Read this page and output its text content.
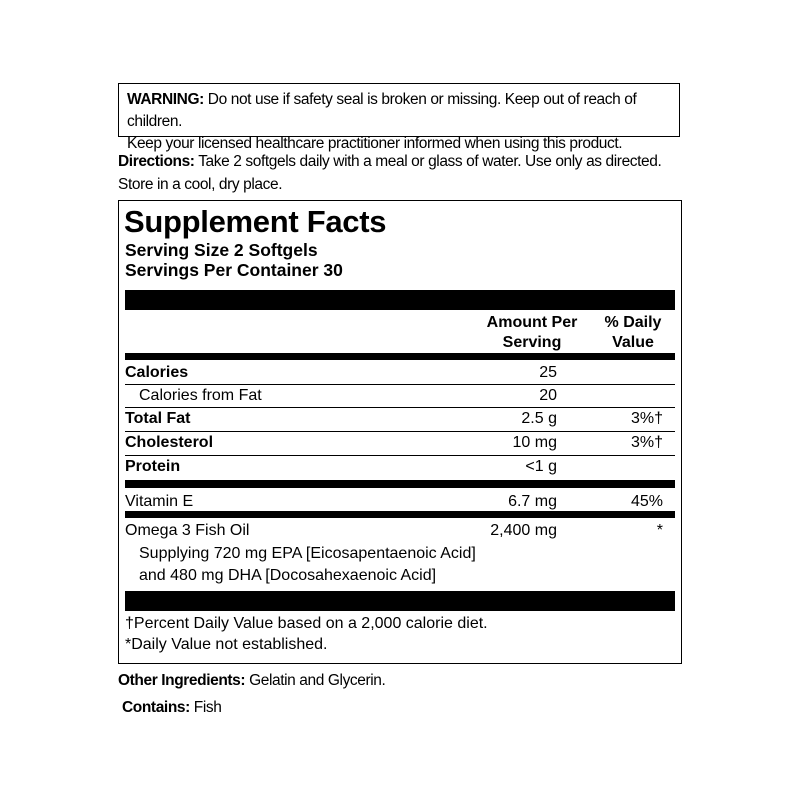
WARNING: Do not use if safety seal is broken or missing. Keep out of reach of children.
Keep your licensed healthcare practitioner informed when using this product.
Directions: Take 2 softgels daily with a meal or glass of water. Use only as directed. Store in a cool, dry place.
Supplement Facts
Serving Size 2 Softgels
Servings Per Container 30
Amount Per
Serving
% Daily
Value
Calories	25
Calories from Fat	20
Total Fat	2.5 g	3%†
Cholesterol	10 mg	3%†
Protein	<1 g
Vitamin E	6.7 mg	45%
Omega 3 Fish Oil	2,400 mg	*
Supplying 720 mg EPA [Eicosapentaenoic Acid]
and 480 mg DHA [Docosahexaenoic Acid]
†Percent Daily Value based on a 2,000 calorie diet.
*Daily Value not established.
Other Ingredients: Gelatin and Glycerin.
Contains: Fish
